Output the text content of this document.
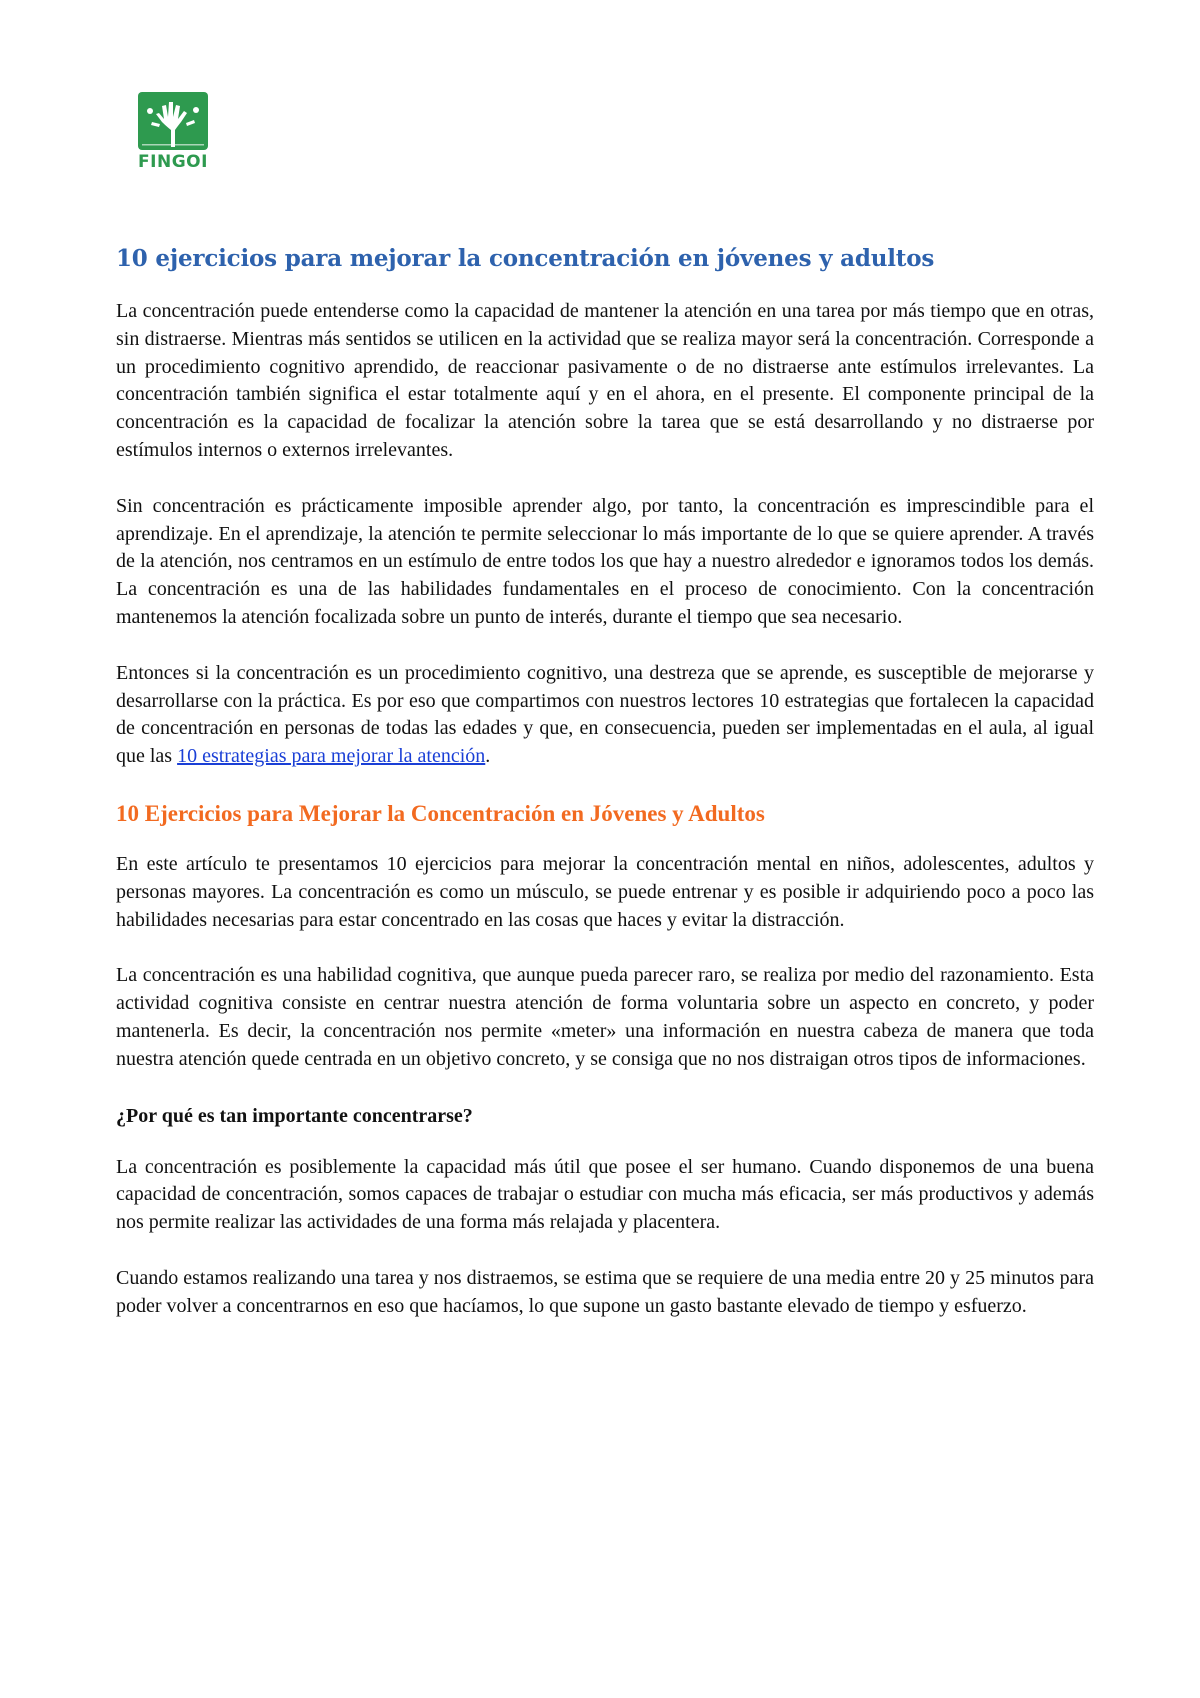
FINGOI
10 ejercicios para mejorar la concentración en jóvenes y adultos

La concentración puede entenderse como la capacidad de mantener la atención en una tarea por más tiempo que en otras, sin distraerse. Mientras más sentidos se utilicen en la actividad que se realiza mayor será la concentración. Corresponde a un procedimiento cognitivo aprendido, de reaccionar pasivamente o de no distraerse ante estímulos irrelevantes. La concentración también significa el estar totalmente aquí y en el ahora, en el presente. El componente principal de la concentración es la capacidad de focalizar la atención sobre la tarea que se está desarrollando y no distraerse por estímulos internos o externos irrelevantes.

Sin concentración es prácticamente imposible aprender algo, por tanto, la concentración es imprescindible para el aprendizaje. En el aprendizaje, la atención te permite seleccionar lo más importante de lo que se quiere aprender. A través de la atención, nos centramos en un estímulo de entre todos los que hay a nuestro alrededor e ignoramos todos los demás. La concentración es una de las habilidades fundamentales en el proceso de conocimiento. Con la concentración mantenemos la atención focalizada sobre un punto de interés, durante el tiempo que sea necesario.

Entonces si la concentración es un procedimiento cognitivo, una destreza que se aprende, es susceptible de mejorarse y desarrollarse con la práctica. Es por eso que compartimos con nuestros lectores 10 estrategias que fortalecen la capacidad de concentración en personas de todas las edades y que, en consecuencia, pueden ser implementadas en el aula, al igual que las 10 estrategias para mejorar la atención.

10 Ejercicios para Mejorar la Concentración en Jóvenes y Adultos

En este artículo te presentamos 10 ejercicios para mejorar la concentración mental en niños, adolescentes, adultos y personas mayores. La concentración es como un músculo, se puede entrenar y es posible ir adquiriendo poco a poco las habilidades necesarias para estar concentrado en las cosas que haces y evitar la distracción.

La concentración es una habilidad cognitiva, que aunque pueda parecer raro, se realiza por medio del razonamiento. Esta actividad cognitiva consiste en centrar nuestra atención de forma voluntaria sobre un aspecto en concreto, y poder mantenerla. Es decir, la concentración nos permite «meter» una información en nuestra cabeza de manera que toda nuestra atención quede centrada en un objetivo concreto, y se consiga que no nos distraigan otros tipos de informaciones.

¿Por qué es tan importante concentrarse?

La concentración es posiblemente la capacidad más útil que posee el ser humano. Cuando disponemos de una buena capacidad de concentración, somos capaces de trabajar o estudiar con mucha más eficacia, ser más productivos y además nos permite realizar las actividades de una forma más relajada y placentera.

Cuando estamos realizando una tarea y nos distraemos, se estima que se requiere de una media entre 20 y 25 minutos para poder volver a concentrarnos en eso que hacíamos, lo que supone un gasto bastante elevado de tiempo y esfuerzo.
